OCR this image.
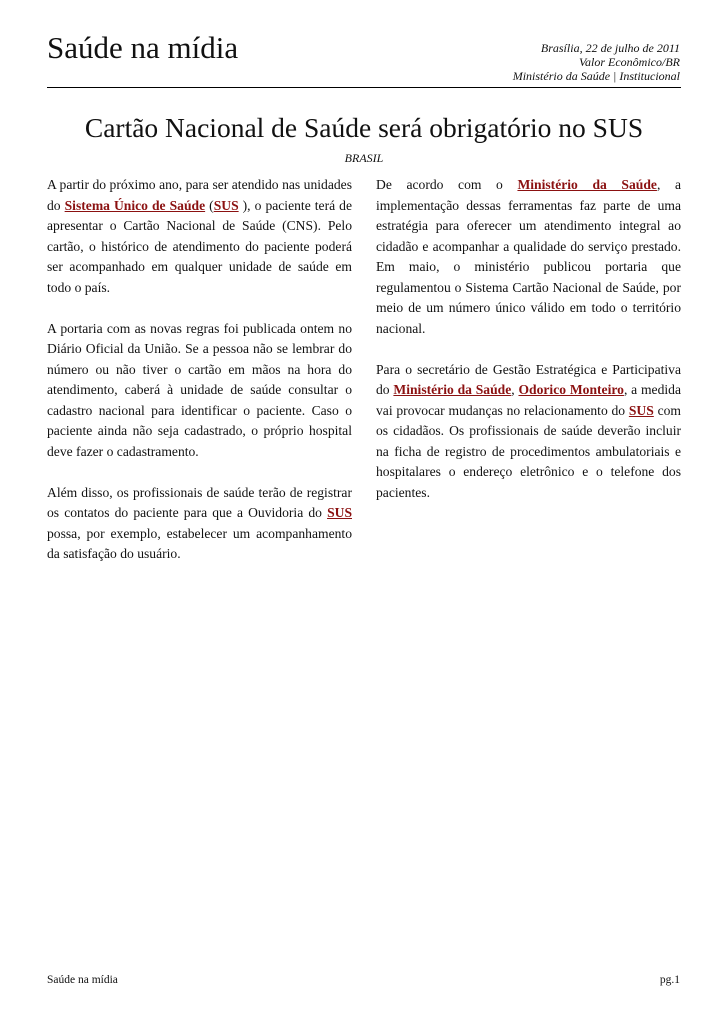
Saúde na mídia	Brasília, 22 de julho de 2011
Valor Econômico/BR
Ministério da Saúde | Institucional
Cartão Nacional de Saúde será obrigatório no SUS
BRASIL

A partir do próximo ano, para ser atendido nas unidades do Sistema Único de Saúde (SUS ), o paciente terá de apresentar o Cartão Nacional de Saúde (CNS). Pelo cartão, o histórico de atendimento do paciente poderá ser acompanhado em qualquer unidade de saúde em todo o país.

A portaria com as novas regras foi publicada ontem no Diário Oficial da União. Se a pessoa não se lembrar do número ou não tiver o cartão em mãos na hora do atendimento, caberá à unidade de saúde consultar o cadastro nacional para identificar o paciente. Caso o paciente ainda não seja cadastrado, o próprio hospital deve fazer o cadastramento.

Além disso, os profissionais de saúde terão de registrar os contatos do paciente para que a Ouvidoria do SUS possa, por exemplo, estabelecer um acompanhamento da satisfação do usuário.

De acordo com o Ministério da Saúde, a implementação dessas ferramentas faz parte de uma estratégia para oferecer um atendimento integral ao cidadão e acompanhar a qualidade do serviço prestado. Em maio, o ministério publicou portaria que regulamentou o Sistema Cartão Nacional de Saúde, por meio de um número único válido em todo o território nacional.

Para o secretário de Gestão Estratégica e Participativa do Ministério da Saúde, Odorico Monteiro, a medida vai provocar mudanças no relacionamento do SUS com os cidadãos. Os profissionais de saúde deverão incluir na ficha de registro de procedimentos ambulatoriais e hospitalares o endereço eletrônico e o telefone dos pacientes.

Saúde na mídia	pg.1
